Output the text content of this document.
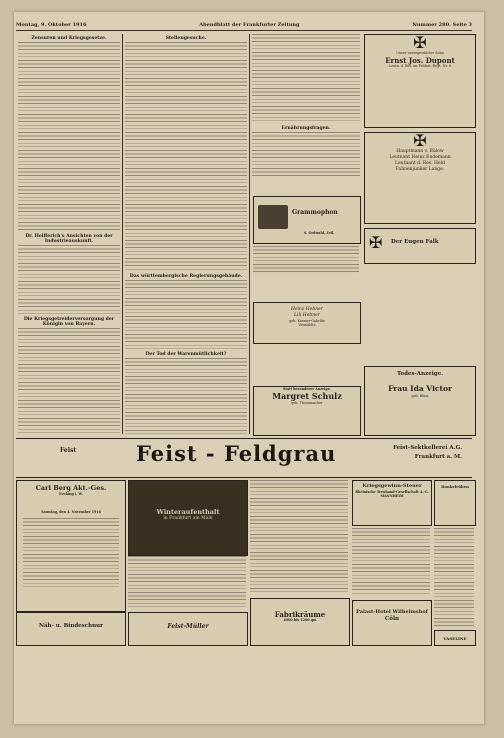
Montag, 9. Oktober 1916	Abendblatt der Frankfurter Zeitung	Nummer 280. Seite 3
Zensuren und Kriegsgesetze.
Dr. Helfferich's Ansichten von der Industrieauskunft.
Die Kriegsgetreiderversorgung der Königin von Bayern.
Stellengesuche.
Das württembergische Regierungsgebäude.
Der Tod der Warenmütlichkeit?
Ernährungsfragen.
Grammophon
S. Ordwald, Zeil.
Heinz Hebner
Lili Hebner
geb. Kramer-Gahrlitz
Vermählte
Statt besonderer Anzeige.
Margret Schulz
geb. Thoenmacher
✠
Unser unvergesslicher Sohn
Ernst Jos. Dupont
Leutn. d. Res. im Feldart.-Regt. Nr. 8
✠
Hauptmann v. Bülow
Leutnant Heinz Endemann
Leutnant d. Res. Held
Fahnenjunker Lange.
✠ Der Eugen Falk
Todes-Anzeige.
Frau Ida Victor
geb. Blum
Feist	Feist - Feldgrau	Feist-Sektkellerei A.G.
Frankfurt a. M.
Carl Berg Akt.-Ges.
Eveking i. W.
Samstag, den 4. November 1916
Näh- u. Bindeschnur
Winteraufenthalt
in Frankfurt am Main
Feist-Müller
Fabrikräume
4000 bis 1200 qm
Kriegsgewinn-Steuer
Rheinische Treuhand-Gesellschaft A.-G.
MANNHEIM
Palast-Hotel Wilhelmshof
Cöln
Runkelrüben
VASELINE
